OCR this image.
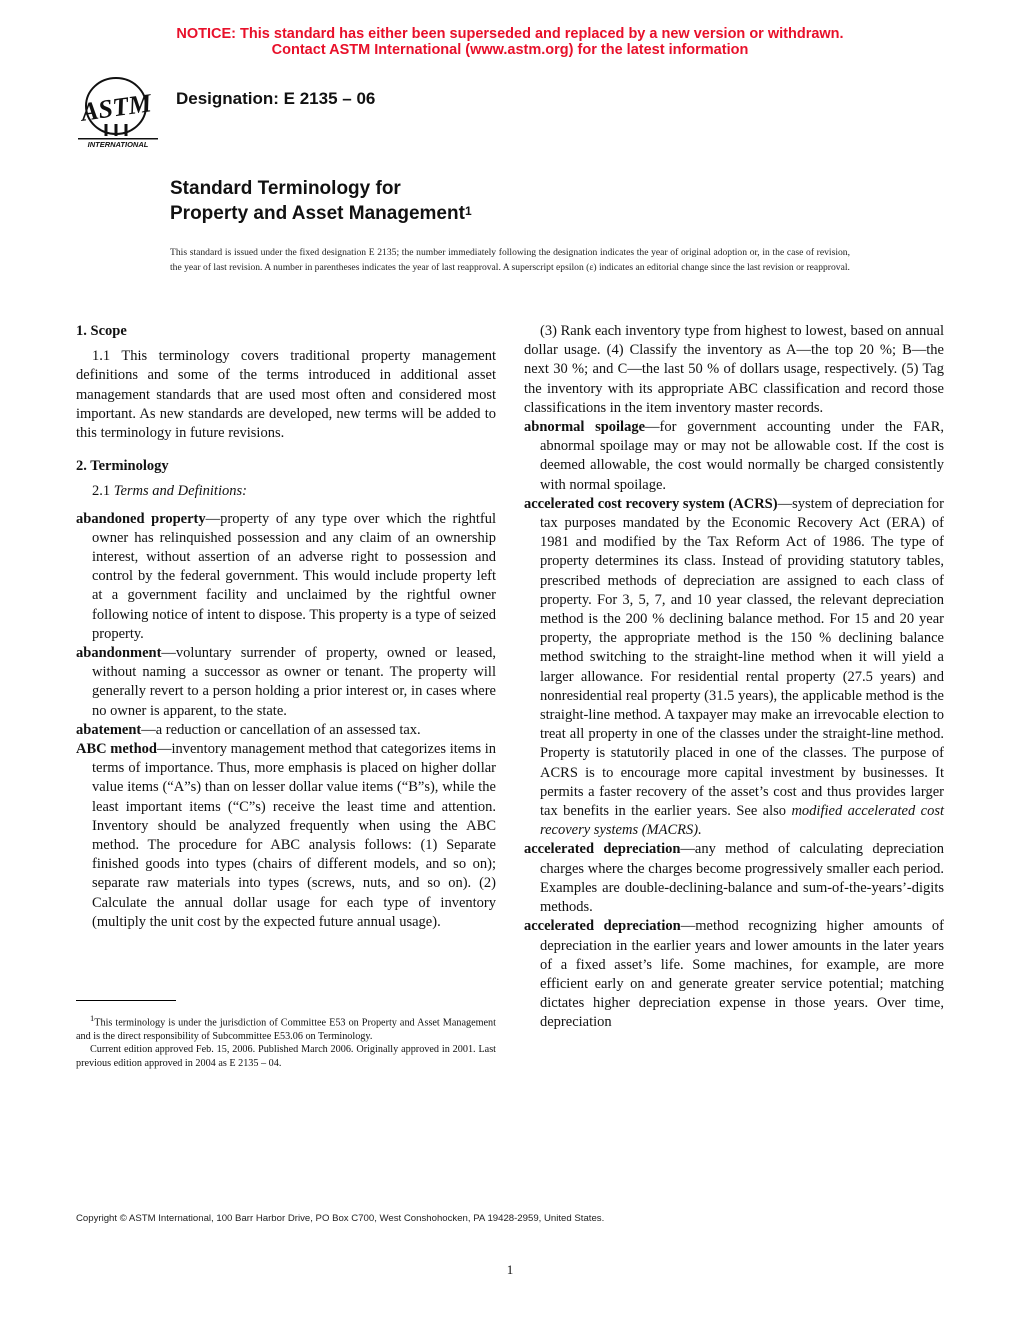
NOTICE: This standard has either been superseded and replaced by a new version or withdrawn.
Contact ASTM International (www.astm.org) for the latest information
ASTM
INTERNATIONAL
Designation: E 2135 – 06
Standard Terminology for
Property and Asset Management$^1$
This standard is issued under the fixed designation E 2135; the number immediately following the designation indicates the year of original adoption or, in the case of revision, the year of last revision. A number in parentheses indicates the year of last reapproval. A superscript epsilon (ε) indicates an editorial change since the last revision or reapproval.

1. Scope

1.1 This terminology covers traditional property management definitions and some of the terms introduced in additional asset management standards that are used most often and considered most important. As new standards are developed, new terms will be added to this terminology in future revisions.

2. Terminology

2.1 Terms and Definitions:

abandoned property—property of any type over which the rightful owner has relinquished possession and any claim of an ownership interest, without assertion of an adverse right to possession and control by the federal government. This would include property left at a government facility and unclaimed by the rightful owner following notice of intent to dispose. This property is a type of seized property.

abandonment—voluntary surrender of property, owned or leased, without naming a successor as owner or tenant. The property will generally revert to a person holding a prior interest or, in cases where no owner is apparent, to the state.

abatement—a reduction or cancellation of an assessed tax.

ABC method—inventory management method that categorizes items in terms of importance. Thus, more emphasis is placed on higher dollar value items (“A”s) than on lesser dollar value items (“B”s), while the least important items (“C”s) receive the least time and attention. Inventory should be analyzed frequently when using the ABC method. The procedure for ABC analysis follows: (1) Separate finished goods into types (chairs of different models, and so on); separate raw materials into types (screws, nuts, and so on). (2) Calculate the annual dollar usage for each type of inventory (multiply the unit cost by the expected future annual usage).

(3) Rank each inventory type from highest to lowest, based on annual dollar usage. (4) Classify the inventory as A—the top 20 %; B—the next 30 %; and C—the last 50 % of dollars usage, respectively. (5) Tag the inventory with its appropriate ABC classification and record those classifications in the item inventory master records.

abnormal spoilage—for government accounting under the FAR, abnormal spoilage may or may not be allowable cost. If the cost is deemed allowable, the cost would normally be charged consistently with normal spoilage.

accelerated cost recovery system (ACRS)—system of depreciation for tax purposes mandated by the Economic Recovery Act (ERA) of 1981 and modified by the Tax Reform Act of 1986. The type of property determines its class. Instead of providing statutory tables, prescribed methods of depreciation are assigned to each class of property. For 3, 5, 7, and 10 year classed, the relevant depreciation method is the 200 % declining balance method. For 15 and 20 year property, the appropriate method is the 150 % declining balance method switching to the straight-line method when it will yield a larger allowance. For residential rental property (27.5 years) and nonresidential real property (31.5 years), the applicable method is the straight-line method. A taxpayer may make an irrevocable election to treat all property in one of the classes under the straight-line method. Property is statutorily placed in one of the classes. The purpose of ACRS is to encourage more capital investment by businesses. It permits a faster recovery of the asset’s cost and thus provides larger tax benefits in the earlier years. See also modified accelerated cost recovery systems (MACRS).

accelerated depreciation—any method of calculating depreciation charges where the charges become progressively smaller each period. Examples are double-declining-balance and sum-of-the-years’-digits methods.

accelerated depreciation—method recognizing higher amounts of depreciation in the earlier years and lower amounts in the later years of a fixed asset’s life. Some machines, for example, are more efficient early on and generate greater service potential; matching dictates higher depreciation expense in those years. Over time, depreciation

$^1$This terminology is under the jurisdiction of Committee E53 on Property and Asset Management and is the direct responsibility of Subcommittee E53.06 on Terminology.

Current edition approved Feb. 15, 2006. Published March 2006. Originally approved in 2001. Last previous edition approved in 2004 as E 2135 – 04.

Copyright © ASTM International, 100 Barr Harbor Drive, PO Box C700, West Conshohocken, PA 19428-2959, United States.
1
